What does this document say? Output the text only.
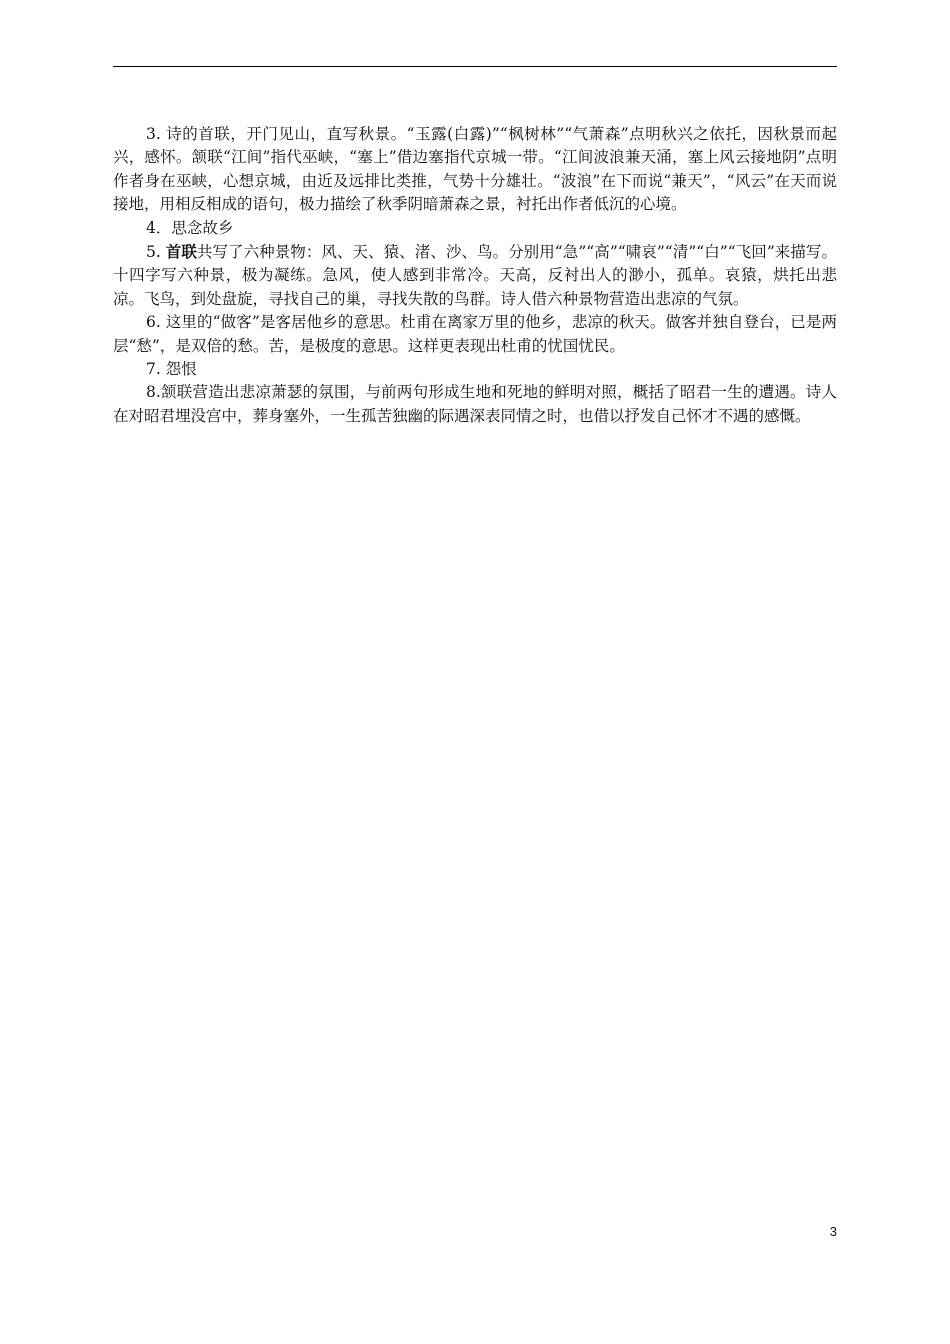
3. 诗的首联，开门见山，直写秋景。“玉露(白露)”“枫树林”“气萧森”点明秋兴之依托，因秋景而起兴，感怀。颔联“江间”指代巫峡，“塞上”借边塞指代京城一带。“江间波浪兼天涌，塞上风云接地阴”点明作者身在巫峡，心想京城，由近及远排比类推，气势十分雄壮。“波浪”在下而说“兼天”，“风云”在天而说接地，用相反相成的语句，极力描绘了秋季阴暗萧森之景，衬托出作者低沉的心境。

4．思念故乡

5. 首联共写了六种景物：风、天、猿、渚、沙、鸟。分别用“急”“高”“啸哀”“清”“白”“飞回”来描写。十四字写六种景，极为凝练。急风，使人感到非常冷。天高，反衬出人的渺小，孤单。哀猿，烘托出悲凉。飞鸟，到处盘旋，寻找自己的巢，寻找失散的鸟群。诗人借六种景物营造出悲凉的气氛。

6. 这里的“做客”是客居他乡的意思。杜甫在离家万里的他乡，悲凉的秋天。做客并独自登台，已是两层“愁”，是双倍的愁。苦，是极度的意思。这样更表现出杜甫的忧国忧民。

7. 怨恨

8.颔联营造出悲凉萧瑟的氛围，与前两句形成生地和死地的鲜明对照，概括了昭君一生的遭遇。诗人在对昭君埋没宫中，葬身塞外，一生孤苦独幽的际遇深表同情之时，也借以抒发自己怀才不遇的感慨。

3
